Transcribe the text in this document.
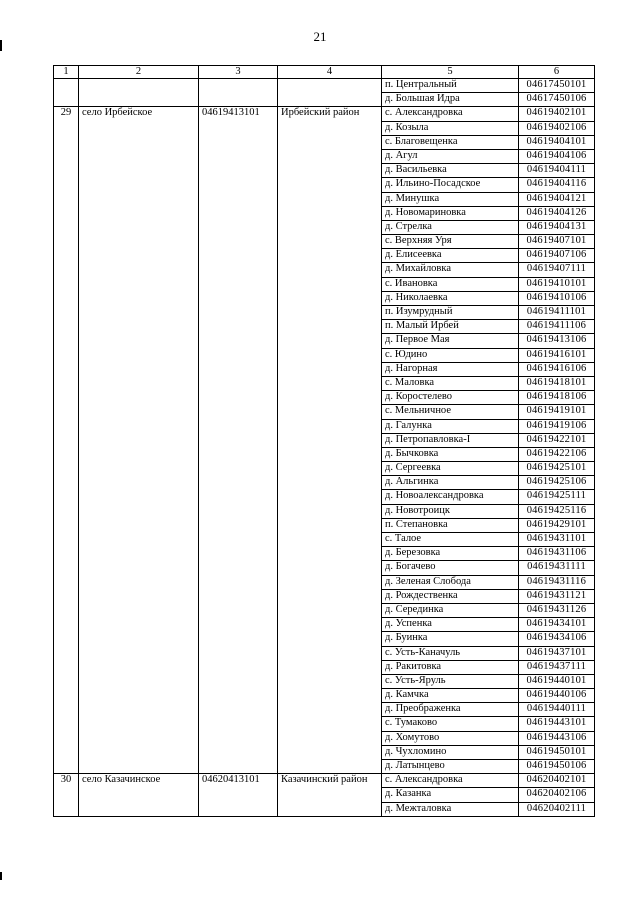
21
1	2	3	4	5	6
				п. Центральный	04617450101
				д. Большая Идра	04617450106
29	село Ирбейское	04619413101	Ирбейский район	с. Александровка	04619402101
				д. Козыла	04619402106
				с. Благовещенка	04619404101
				д. Агул	04619404106
				д. Васильевка	04619404111
				д. Ильино-Посадское	04619404116
				д. Минушка	04619404121
				д. Новомариновка	04619404126
				д. Стрелка	04619404131
				с. Верхняя Уря	04619407101
				д. Елисеевка	04619407106
				д. Михайловка	04619407111
				с. Ивановка	04619410101
				д. Николаевка	04619410106
				п. Изумрудный	04619411101
				п. Малый Ирбей	04619411106
				д. Первое Мая	04619413106
				с. Юдино	04619416101
				д. Нагорная	04619416106
				с. Маловка	04619418101
				д. Коростелево	04619418106
				с. Мельничное	04619419101
				д. Галунка	04619419106
				д. Петропавловка-I	04619422101
				д. Бычковка	04619422106
				д. Сергеевка	04619425101
				д. Альгинка	04619425106
				д. Новоалександровка	04619425111
				д. Новотроицк	04619425116
				п. Степановка	04619429101
				с. Талое	04619431101
				д. Березовка	04619431106
				д. Богачево	04619431111
				д. Зеленая Слобода	04619431116
				д. Рождественка	04619431121
				д. Серединка	04619431126
				д. Успенка	04619434101
				д. Буинка	04619434106
				с. Усть-Каначуль	04619437101
				д. Ракитовка	04619437111
				с. Усть-Яруль	04619440101
				д. Камчка	04619440106
				д. Преображенка	04619440111
				с. Тумаково	04619443101
				д. Хомутово	04619443106
				д. Чухломино	04619450101
				д. Латынцево	04619450106
30	село Казачинское	04620413101	Казачинский район	с. Александровка	04620402101
				д. Казанка	04620402106
				д. Межталовка	04620402111
